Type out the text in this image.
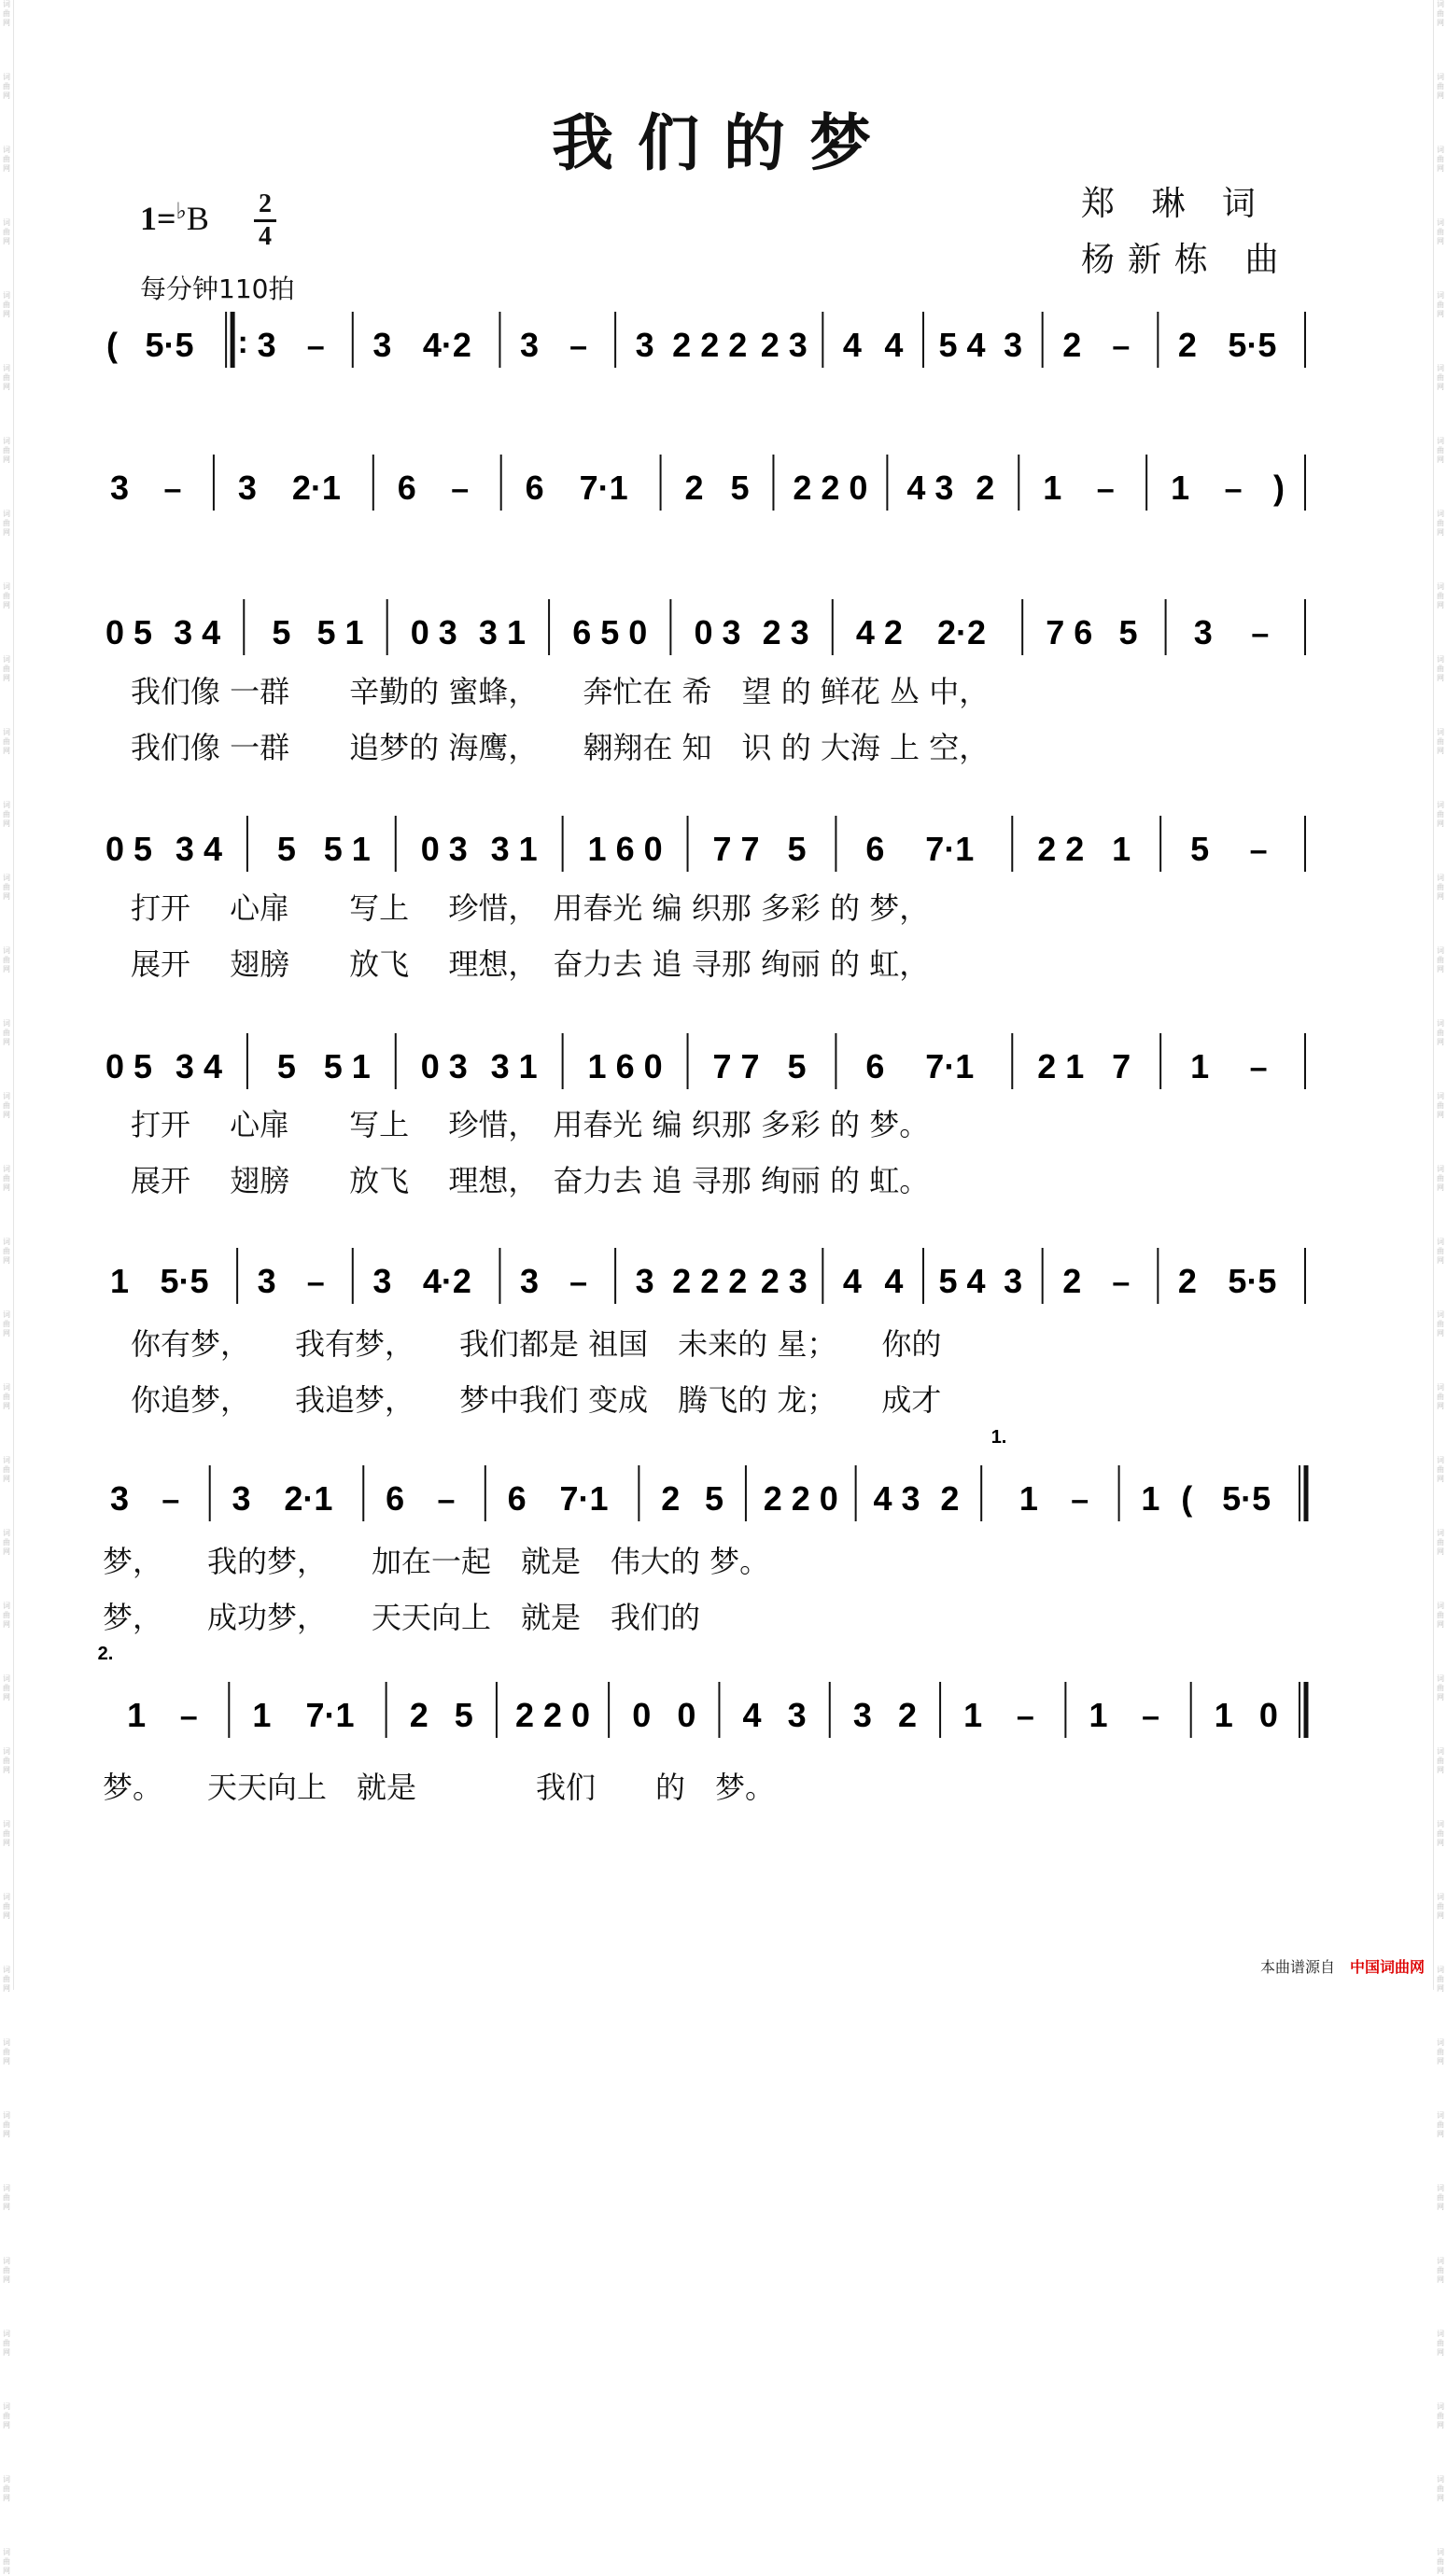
词曲网
词曲网
词曲网
词曲网
词曲网
词曲网
词曲网
词曲网
词曲网
词曲网
词曲网
词曲网
词曲网
词曲网
词曲网
词曲网
词曲网
词曲网
词曲网
词曲网
词曲网
词曲网
词曲网
词曲网
词曲网
词曲网
词曲网
词曲网
词曲网
词曲网
词曲网
词曲网
词曲网
词曲网
词曲网
词曲网
词曲网
词曲网
词曲网
词曲网
词曲网
词曲网
词曲网
词曲网
词曲网
词曲网
词曲网
词曲网
词曲网
词曲网
词曲网
词曲网
词曲网
词曲网
词曲网
词曲网
词曲网
词曲网
词曲网
词曲网
词曲网
词曲网
词曲网
词曲网
词曲网
词曲网
词曲网
词曲网
词曲网
词曲网
词曲网
词曲网
我们的梦
1=♭B 2
4
每分钟110拍
郑 琳 词
杨新栋 曲
( 5·5 : 3 – 3 4·2 3 – 3 2 2 2 2 3 4 4 5 4 3 2 – 2 5·5
3 – 3 2·1 6 – 6 7·1 2 5 2 2 0 4 3 2 1 – 1 – )
0 5 3 4 5 5 1 0 3 3 1 6 5 0 0 3 2 3 4 2 2·2 7 6 5 3 –
0 5 3 4 5 5 1 0 3 3 1 1 6 0 7 7 5 6 7·1 2 2 1 5 –
0 5 3 4 5 5 1 0 3 3 1 1 6 0 7 7 5 6 7·1 2 1 7 1 –
1 5·5 3 – 3 4·2 3 – 3 2 2 2 2 3 4 4 5 4 3 2 – 2 5·5
3 – 3 2·1 6 – 6 7·1 2 5 2 2 0 4 3 2
1.
1 – 1 ( 5·5
2.
1 – 1 7·1 2 5 2 2 0 0 0 4 3 3 2 1 – 1 – 1 0
我们像 一群　　辛勤的 蜜蜂，　　奔忙在 希　望 的 鲜花 丛 中，
我们像 一群　　追梦的 海鹰，　　翱翔在 知　识 的 大海 上 空，
打开　 心扉　　写上　 珍惜，　用春光 编 织那 多彩 的 梦，
展开　 翅膀　　放飞　 理想，　奋力去 追 寻那 绚丽 的 虹，
打开　 心扉　　写上　 珍惜，　用春光 编 织那 多彩 的 梦。
展开　 翅膀　　放飞　 理想，　奋力去 追 寻那 绚丽 的 虹。
你有梦，　　我有梦，　　我们都是 祖国　未来的 星；　　你的
你追梦，　　我追梦，　　梦中我们 变成　腾飞的 龙；　　成才
梦，　　我的梦，　　加在一起　就是　伟大的 梦。
梦，　　成功梦，　　天天向上　就是　我们的
梦。　　天天向上　就是　　　　我们　　的　梦。
本曲谱源自 中国词曲网
